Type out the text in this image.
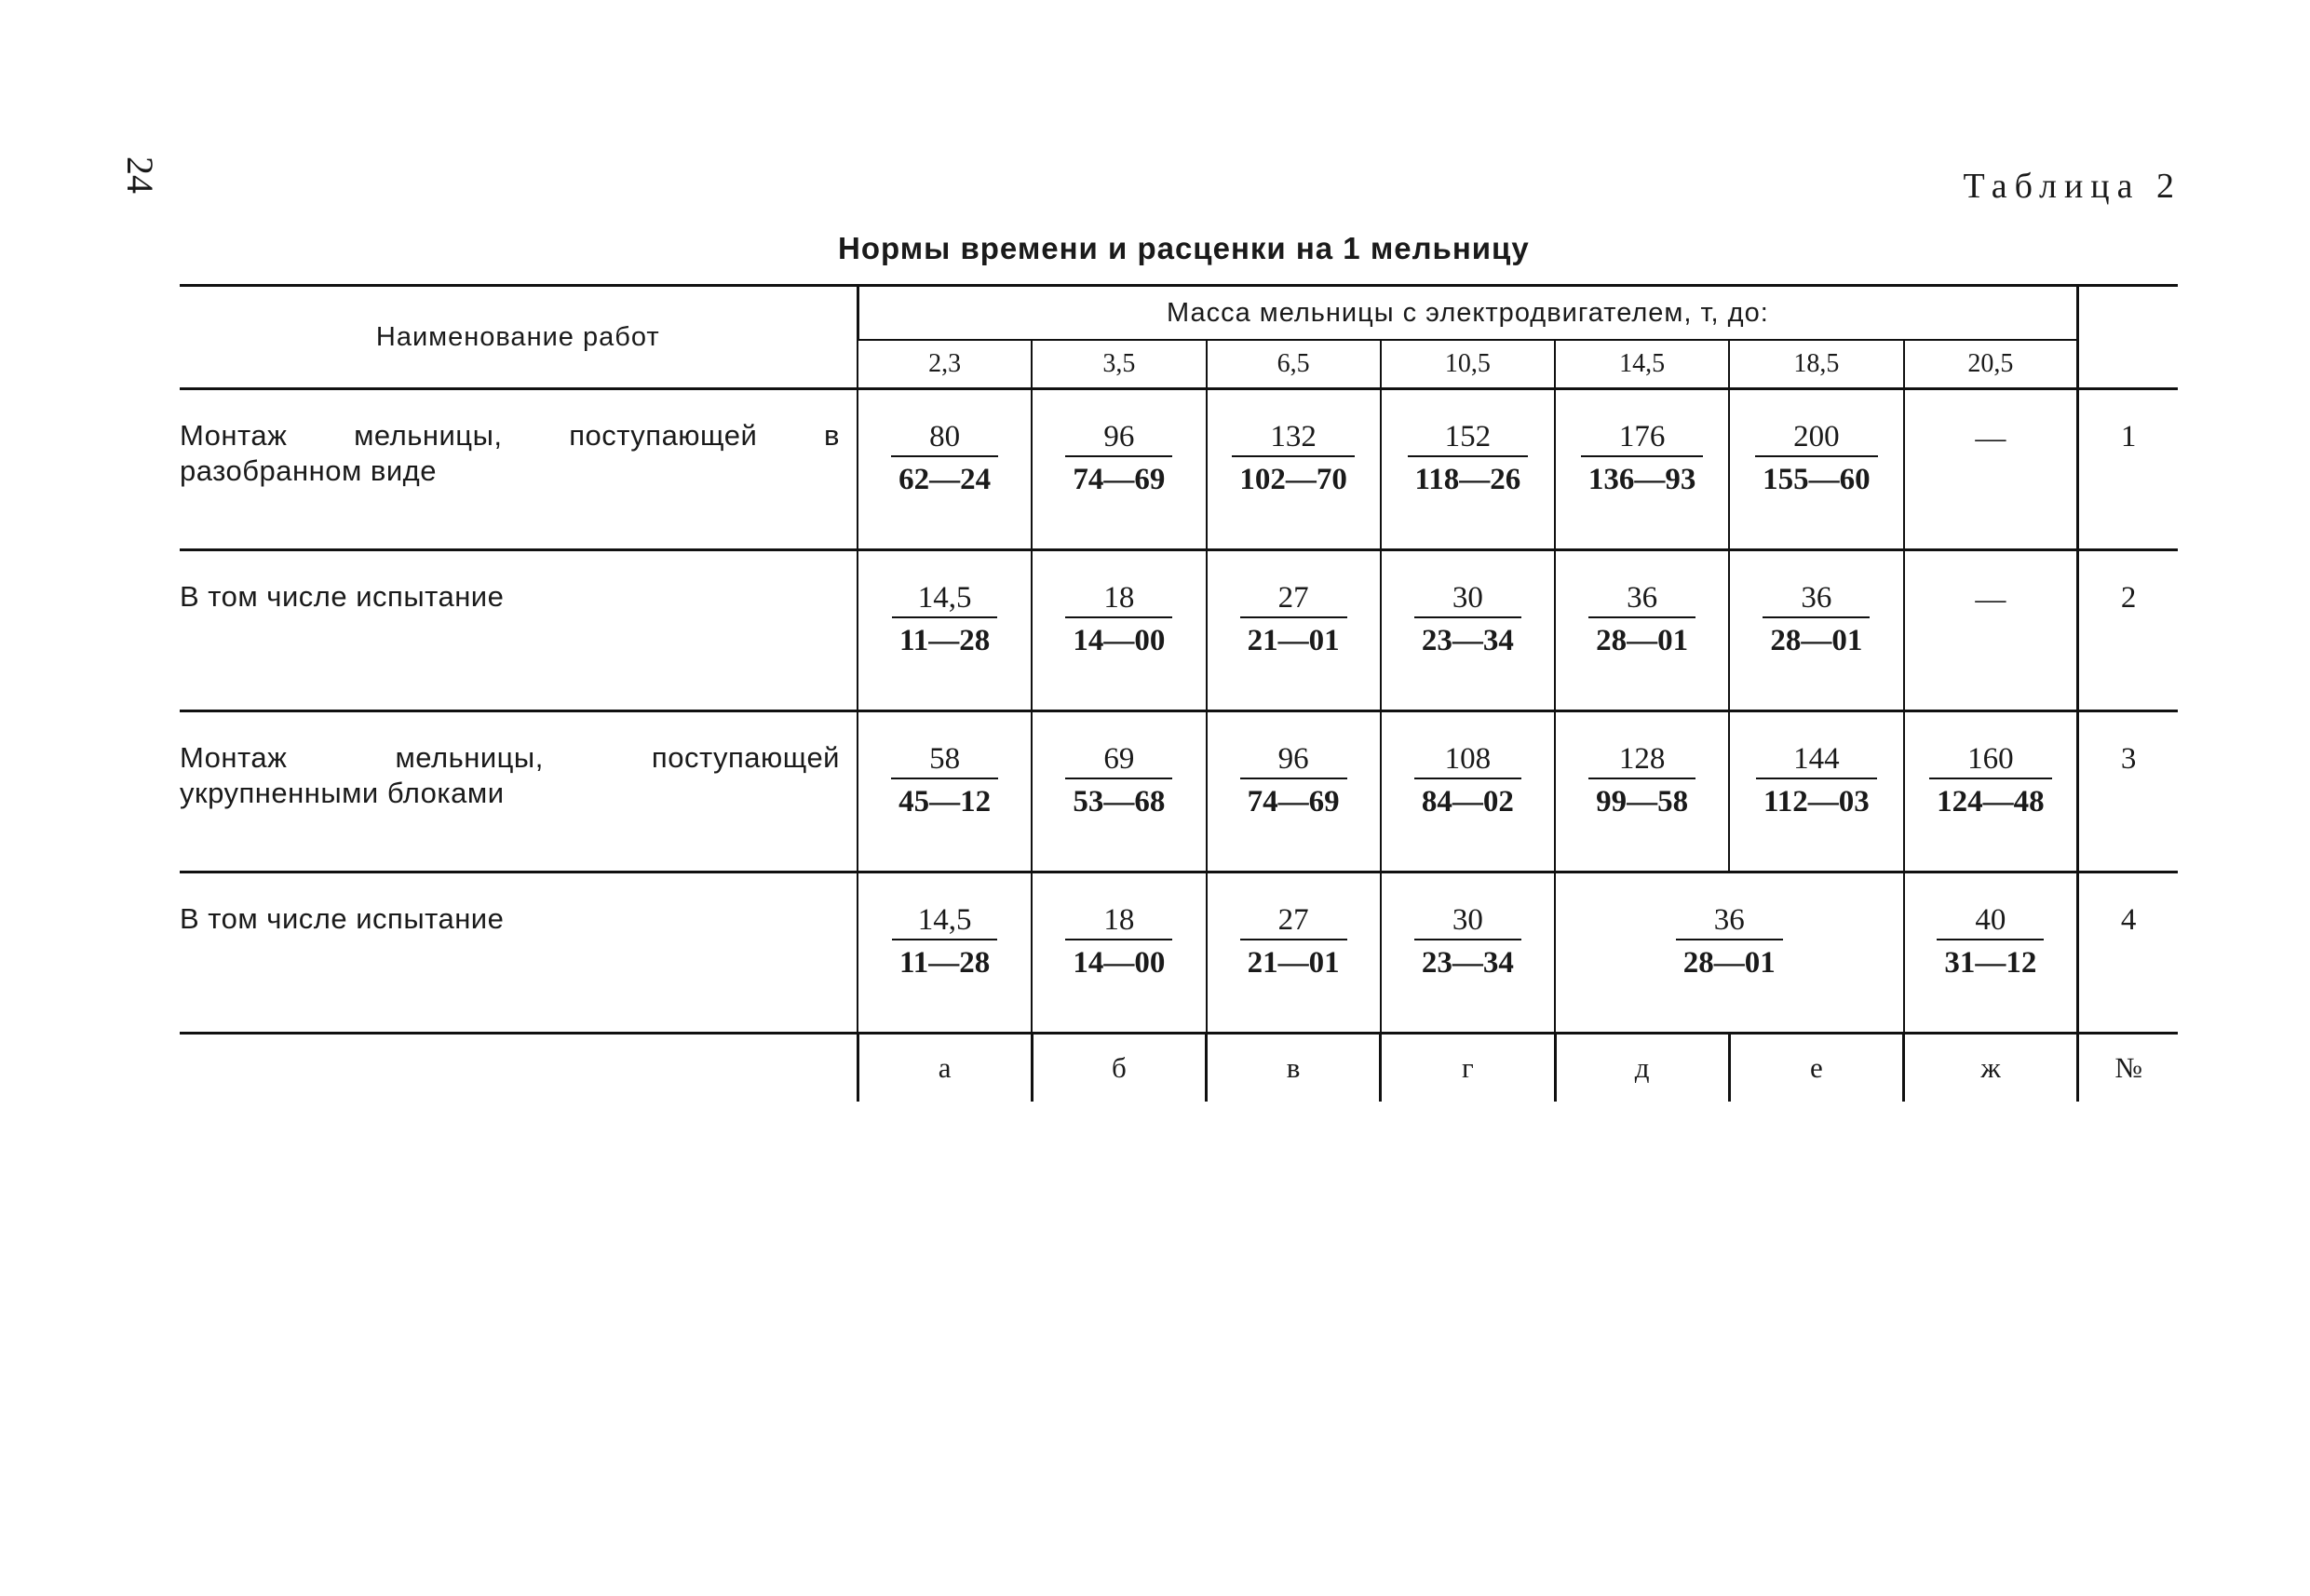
24	Таблица 2
Нормы времени и расценки на 1 мельницу
Наименование работ	Масса мельницы с электродвигателем, т, до:							
	2,3	3,5	6,5	10,5	14,5	18,5	20,5	
Монтаж мельницы, поступающей в разобранном виде	$\frac{80}{62—24}$	$\frac{96}{74—69}$	$\frac{132}{102—70}$	$\frac{152}{118—26}$	$\frac{176}{136—93}$	$\frac{200}{155—60}$	—	1
В том числе испытание	$\frac{14,5}{11—28}$	$\frac{18}{14—00}$	$\frac{27}{21—01}$	$\frac{30}{23—34}$	$\frac{36}{28—01}$	$\frac{36}{28—01}$	—	2
Монтаж мельницы, поступающей укрупненными блоками	$\frac{58}{45—12}$	$\frac{69}{53—68}$	$\frac{96}{74—69}$	$\frac{108}{84—02}$	$\frac{128}{99—58}$	$\frac{144}{112—03}$	$\frac{160}{124—48}$	3
В том числе испытание	$\frac{14,5}{11—28}$	$\frac{18}{14—00}$	$\frac{27}{21—01}$	$\frac{30}{23—34}$	$\frac{36}{28—01}$		$\frac{40}{31—12}$	4
	а	б	в	г	д	е	ж	№
